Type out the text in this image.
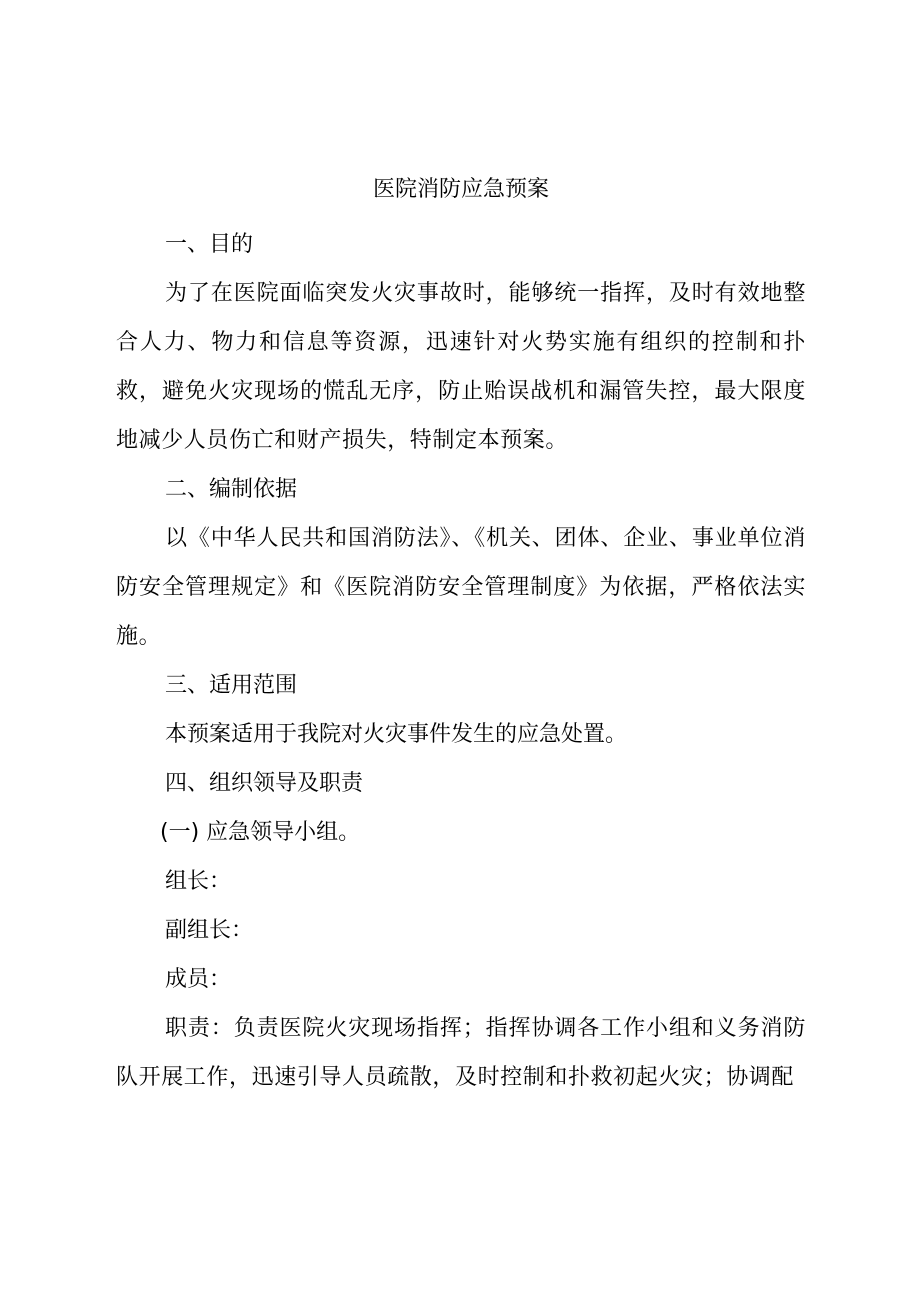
医院消防应急预案

一、目的

为了在医院面临突发火灾事故时，能够统一指挥，及时有效地整合人力、物力和信息等资源，迅速针对火势实施有组织的控制和扑救，避免火灾现场的慌乱无序，防止贻误战机和漏管失控，最大限度地减少人员伤亡和财产损失，特制定本预案。

二、编制依据

以《中华人民共和国消防法》、《机关、团体、企业、事业单位消防安全管理规定》和《医院消防安全管理制度》为依据，严格依法实施。

三、适用范围

本预案适用于我院对火灾事件发生的应急处置。

四、组织领导及职责

(一) 应急领导小组。

组长：

副组长：

成员：

职责：负责医院火灾现场指挥；指挥协调各工作小组和义务消防队开展工作，迅速引导人员疏散，及时控制和扑救初起火灾；协调配
